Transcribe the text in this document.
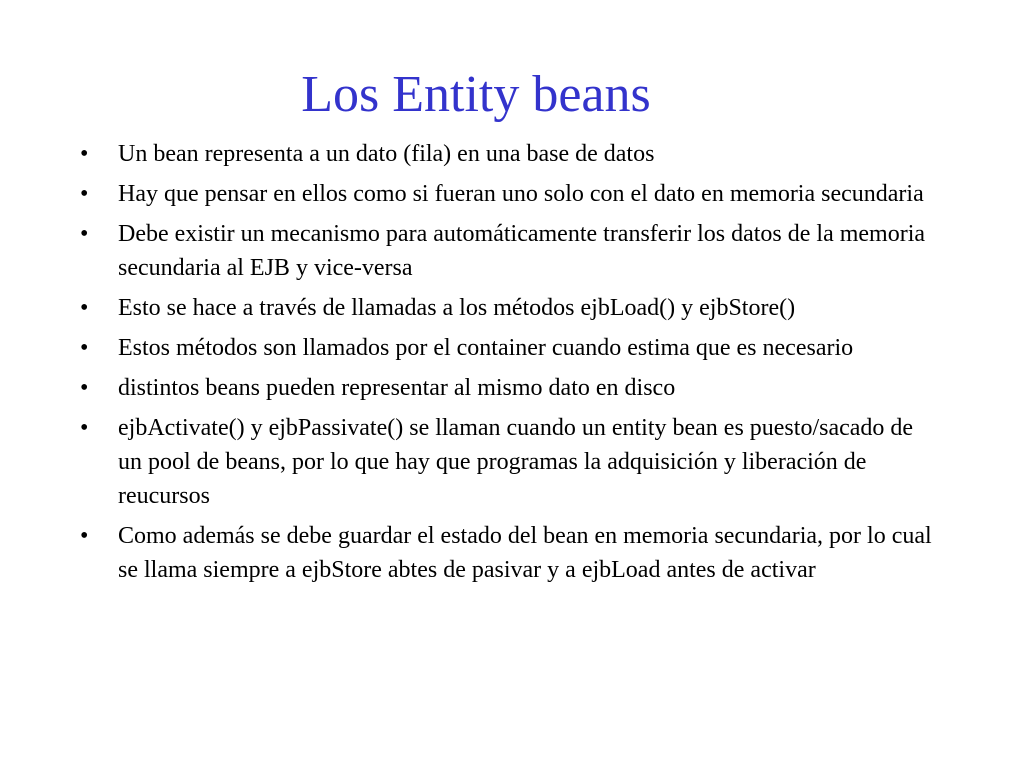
Los Entity beans
•	Un bean representa a un dato (fila) en una base de datos
•	Hay que pensar en ellos como si fueran uno solo con el dato en memoria secundaria
•	Debe existir un mecanismo para automáticamente transferir los datos de la memoria secundaria al EJB y vice-versa
•	Esto se hace a través de llamadas a los métodos ejbLoad() y ejbStore()
•	Estos métodos son llamados por el container cuando estima que es necesario
•	distintos beans pueden representar al mismo dato en disco
•	ejbActivate() y ejbPassivate() se llaman cuando un entity bean es puesto/sacado de un pool de beans, por lo que hay que programas la adquisición y liberación de reucursos
•	Como además se debe guardar el estado del bean en memoria secundaria, por lo cual se llama siempre a ejbStore abtes de pasivar y a ejbLoad antes de activar
